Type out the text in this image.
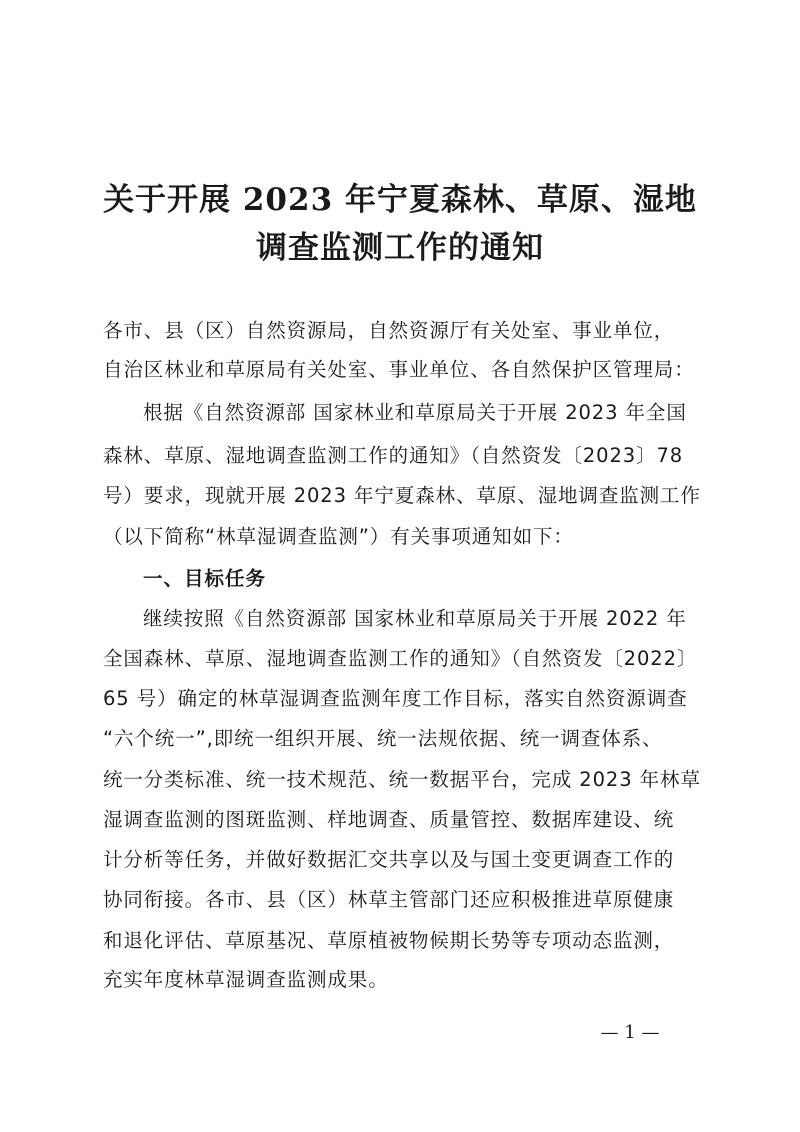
关于开展 2023 年宁夏森林、草原、湿地
调查监测工作的通知
各市、县（区）自然资源局，自然资源厅有关处室、事业单位，
自治区林业和草原局有关处室、事业单位、各自然保护区管理局：
根据《自然资源部 国家林业和草原局关于开展 2023 年全国
森林、草原、湿地调查监测工作的通知》（自然资发〔2023〕78
号）要求，现就开展 2023 年宁夏森林、草原、湿地调查监测工作
（以下简称“林草湿调查监测”）有关事项通知如下：
一、目标任务
继续按照《自然资源部 国家林业和草原局关于开展 2022 年
全国森林、草原、湿地调查监测工作的通知》（自然资发〔2022〕
65 号）确定的林草湿调查监测年度工作目标，落实自然资源调查
“六个统一”,即统一组织开展、统一法规依据、统一调查体系、
统一分类标准、统一技术规范、统一数据平台，完成 2023 年林草
湿调查监测的图斑监测、样地调查、质量管控、数据库建设、统
计分析等任务，并做好数据汇交共享以及与国土变更调查工作的
协同衔接。各市、县（区）林草主管部门还应积极推进草原健康
和退化评估、草原基况、草原植被物候期长势等专项动态监测，
充实年度林草湿调查监测成果。
— 1 —
